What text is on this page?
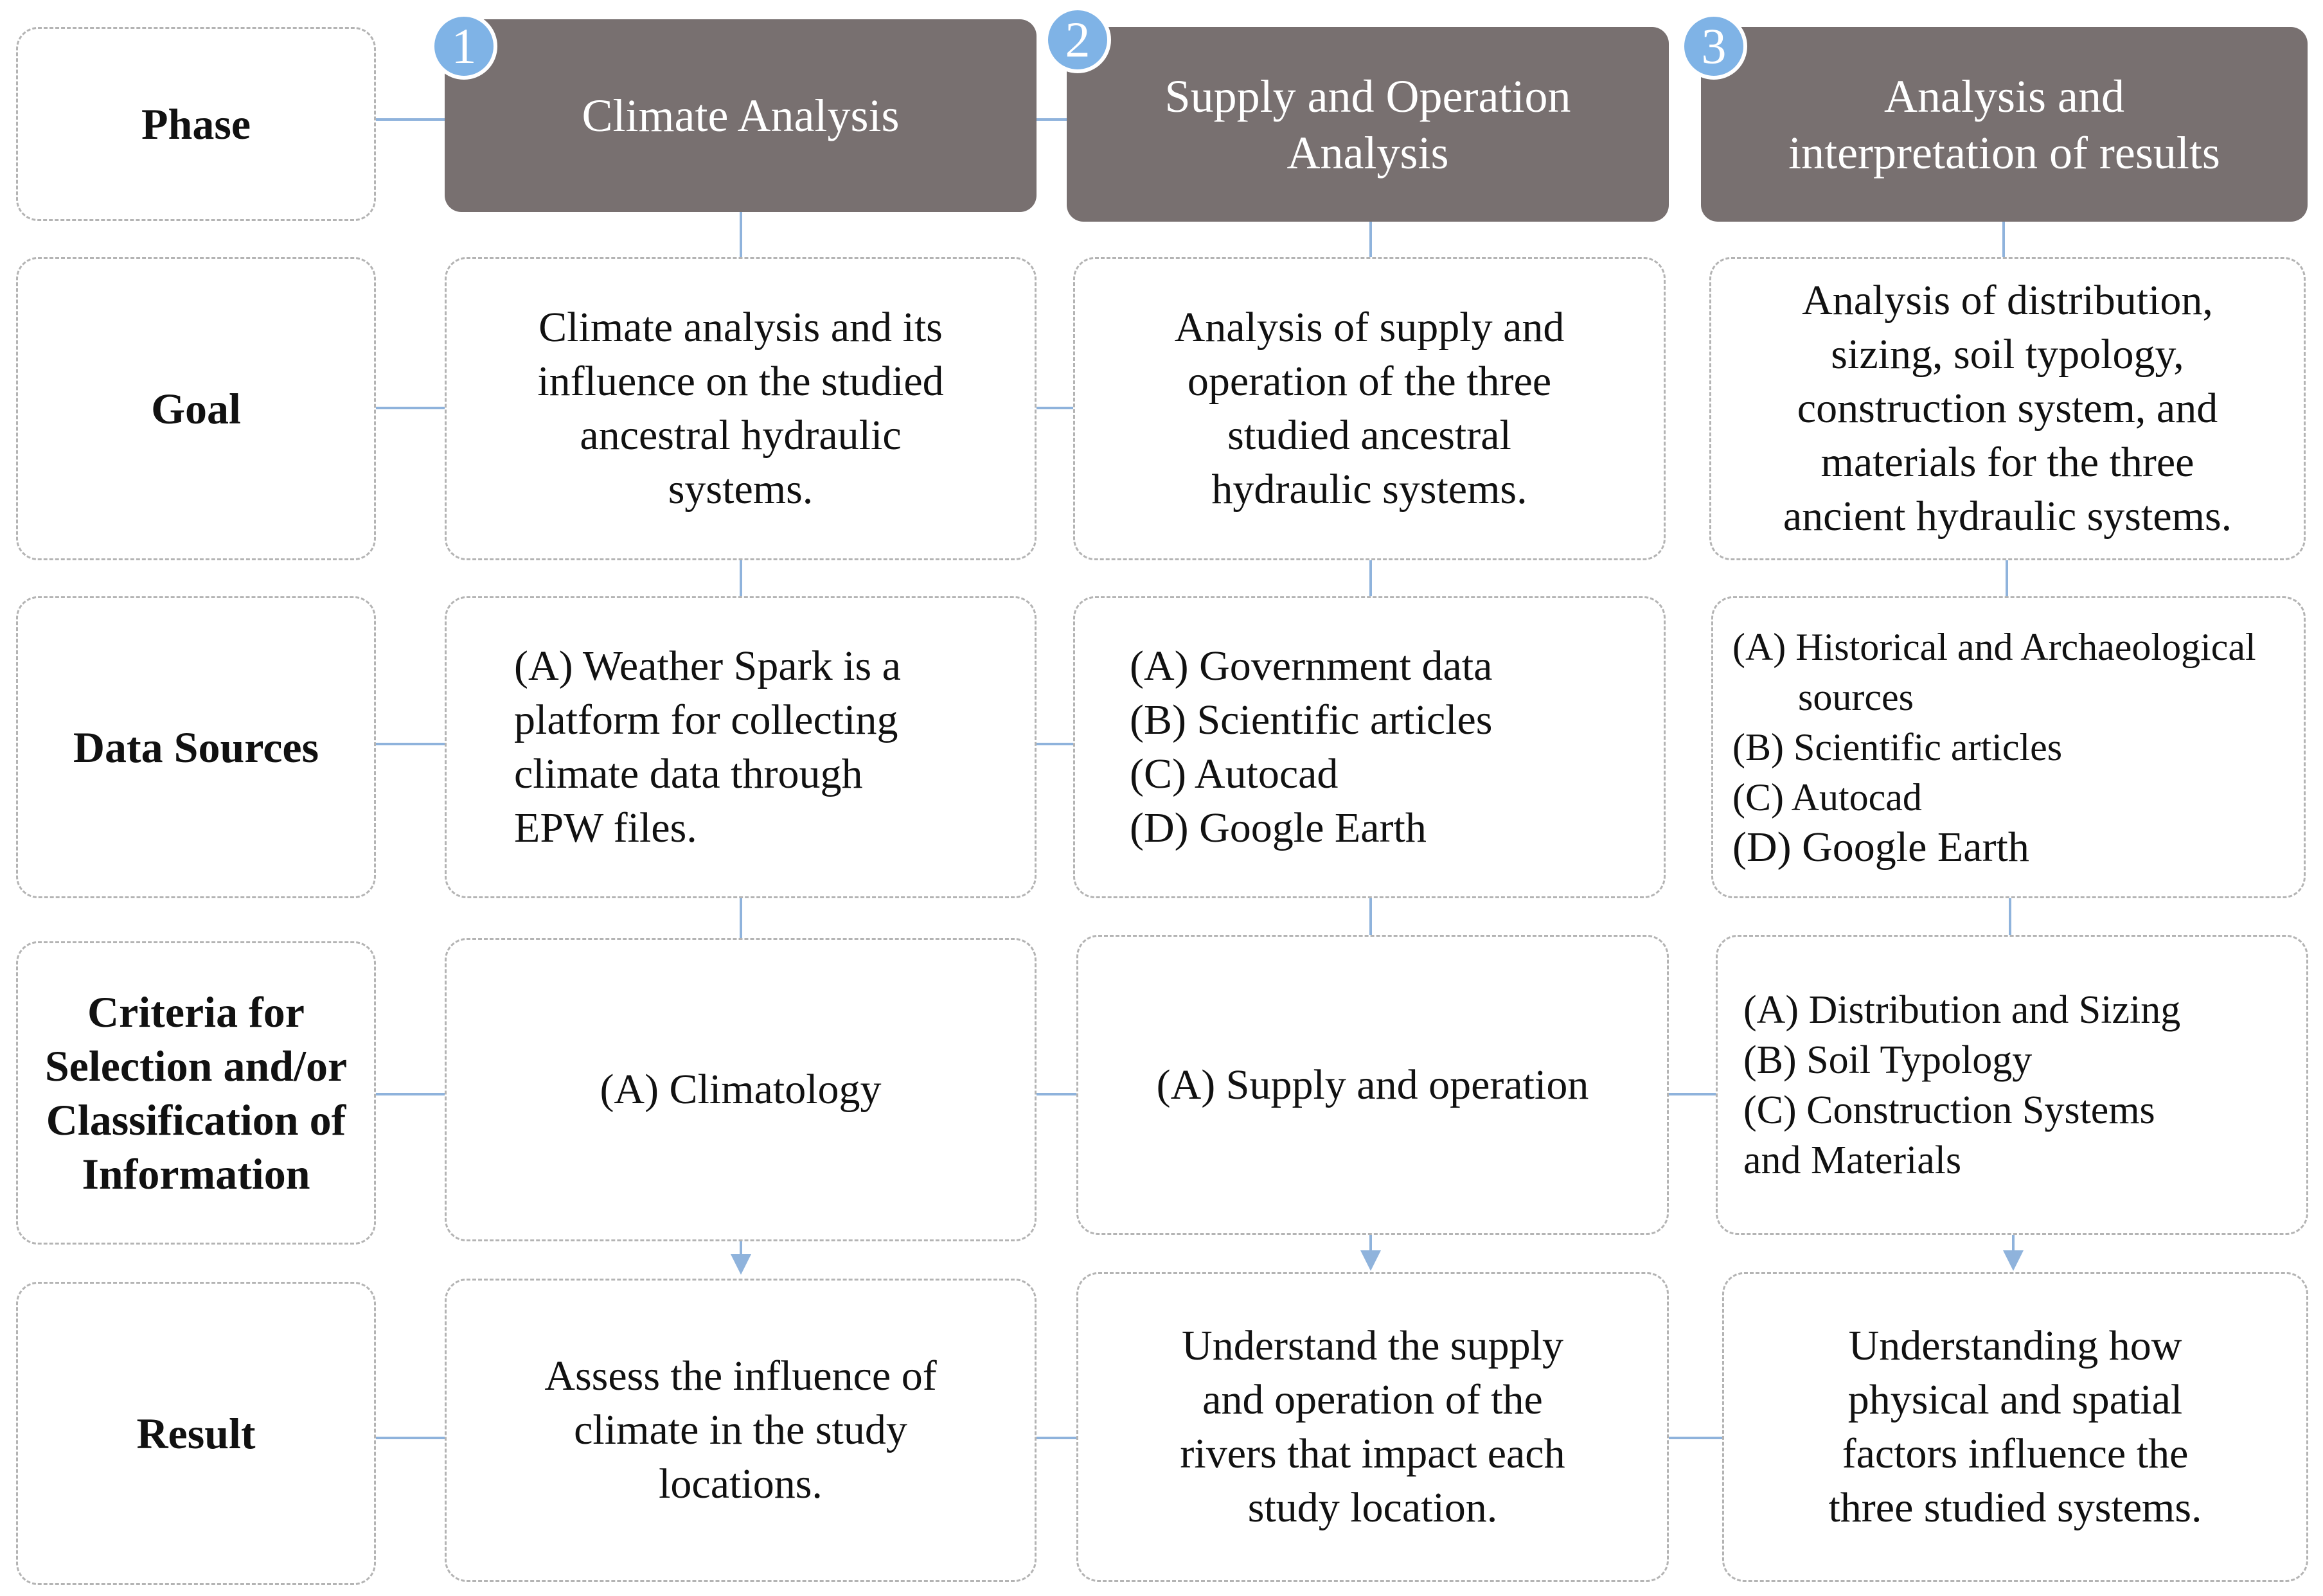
Phase
Goal
Data Sources
Criteria for
Selection and/or
Classification of
Information
Result
Climate Analysis
1
Supply and Operation
Analysis
2
Analysis and
interpretation of results
3
Climate analysis and its
influence on the studied
ancestral hydraulic
systems.
Analysis of supply and
operation of the three
studied ancestral
hydraulic systems.
Analysis of distribution,
sizing, soil typology,
construction system, and
materials for the three
ancient hydraulic systems.
(A) Weather Spark is a
platform for collecting
climate data through
EPW files.
(A) Government data
(B) Scientific articles
(C) Autocad
(D) Google Earth
(A) Historical and Archaeological sources
(B) Scientific articles
(C) Autocad
(D) Google Earth
(A) Climatology	(A) Supply and operation
(A) Distribution and Sizing
(B) Soil Typology
(C) Construction Systems
and Materials
Assess the influence of
climate in the study
locations.
Understand the supply
and operation of the
rivers that impact each
study location.
Understanding how
physical and spatial
factors influence the
three studied systems.
